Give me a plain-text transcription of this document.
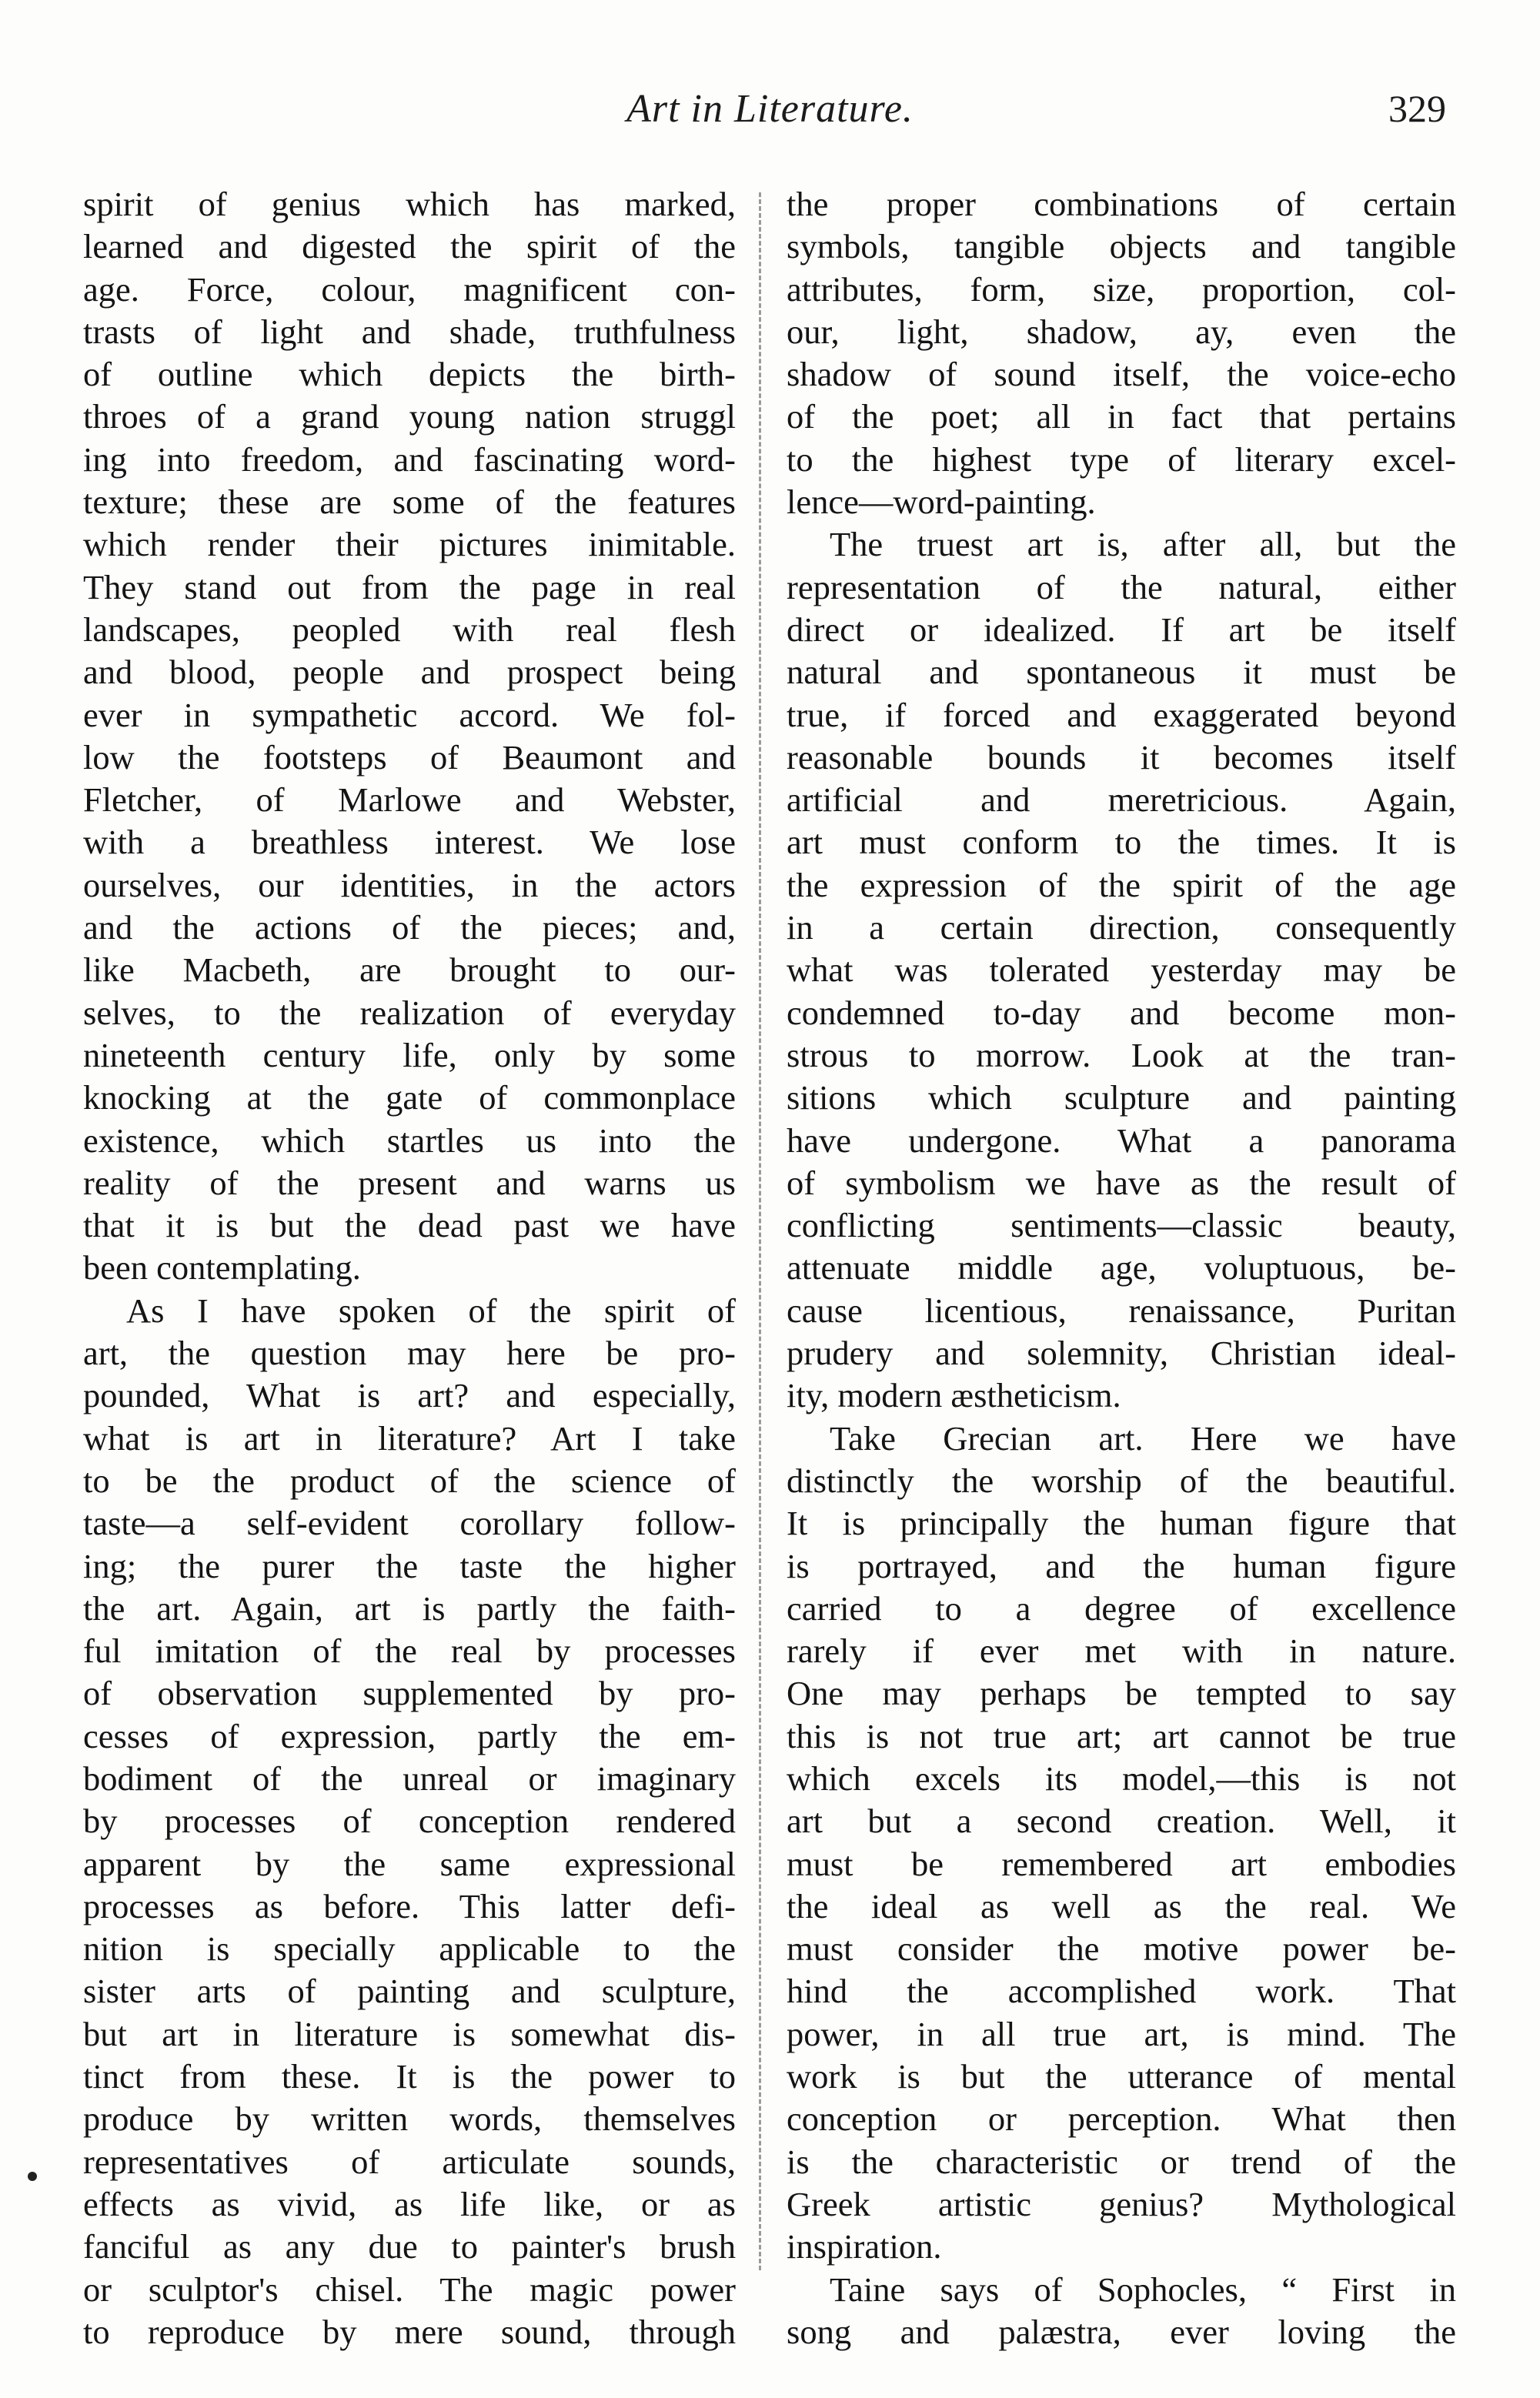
Art in Literature.	329
spirit of genius which has marked,
learned and digested the spirit of the
age. Force, colour, magnificent con-
trasts of light and shade, truthfulness
of outline which depicts the birth-
throes of a grand young nation struggl
ing into freedom, and fascinating word-
texture; these are some of the features
which render their pictures inimitable.
They stand out from the page in real
landscapes, peopled with real flesh
and blood, people and prospect being
ever in sympathetic accord. We fol-
low the footsteps of Beaumont and
Fletcher, of Marlowe and Webster,
with a breathless interest. We lose
ourselves, our identities, in the actors
and the actions of the pieces; and,
like Macbeth, are brought to our-
selves, to the realization of everyday
nineteenth century life, only by some
knocking at the gate of commonplace
existence, which startles us into the
reality of the present and warns us
that it is but the dead past we have
been contemplating.
As I have spoken of the spirit of
art, the question may here be pro-
pounded, What is art? and especially,
what is art in literature? Art I take
to be the product of the science of
taste—a self-evident corollary follow-
ing; the purer the taste the higher
the art. Again, art is partly the faith-
ful imitation of the real by processes
of observation supplemented by pro-
cesses of expression, partly the em-
bodiment of the unreal or imaginary
by processes of conception rendered
apparent by the same expressional
processes as before. This latter defi-
nition is specially applicable to the
sister arts of painting and sculpture,
but art in literature is somewhat dis-
tinct from these. It is the power to
produce by written words, themselves
representatives of articulate sounds,
effects as vivid, as life like, or as
fanciful as any due to painter's brush
or sculptor's chisel. The magic power
to reproduce by mere sound, through
the proper combinations of certain
symbols, tangible objects and tangible
attributes, form, size, proportion, col-
our, light, shadow, ay, even the
shadow of sound itself, the voice-echo
of the poet; all in fact that pertains
to the highest type of literary excel-
lence—word-painting.
The truest art is, after all, but the
representation of the natural, either
direct or idealized. If art be itself
natural and spontaneous it must be
true, if forced and exaggerated beyond
reasonable bounds it becomes itself
artificial and meretricious. Again,
art must conform to the times. It is
the expression of the spirit of the age
in a certain direction, consequently
what was tolerated yesterday may be
condemned to-day and become mon-
strous to morrow. Look at the tran-
sitions which sculpture and painting
have undergone. What a panorama
of symbolism we have as the result of
conflicting sentiments—classic beauty,
attenuate middle age, voluptuous, be-
cause licentious, renaissance, Puritan
prudery and solemnity, Christian ideal-
ity, modern æstheticism.
Take Grecian art. Here we have
distinctly the worship of the beautiful.
It is principally the human figure that
is portrayed, and the human figure
carried to a degree of excellence
rarely if ever met with in nature.
One may perhaps be tempted to say
this is not true art; art cannot be true
which excels its model,—this is not
art but a second creation. Well, it
must be remembered art embodies
the ideal as well as the real. We
must consider the motive power be-
hind the accomplished work. That
power, in all true art, is mind. The
work is but the utterance of mental
conception or perception. What then
is the characteristic or trend of the
Greek artistic genius? Mythological
inspiration.
Taine says of Sophocles, “ First in
song and palæstra, ever loving the
